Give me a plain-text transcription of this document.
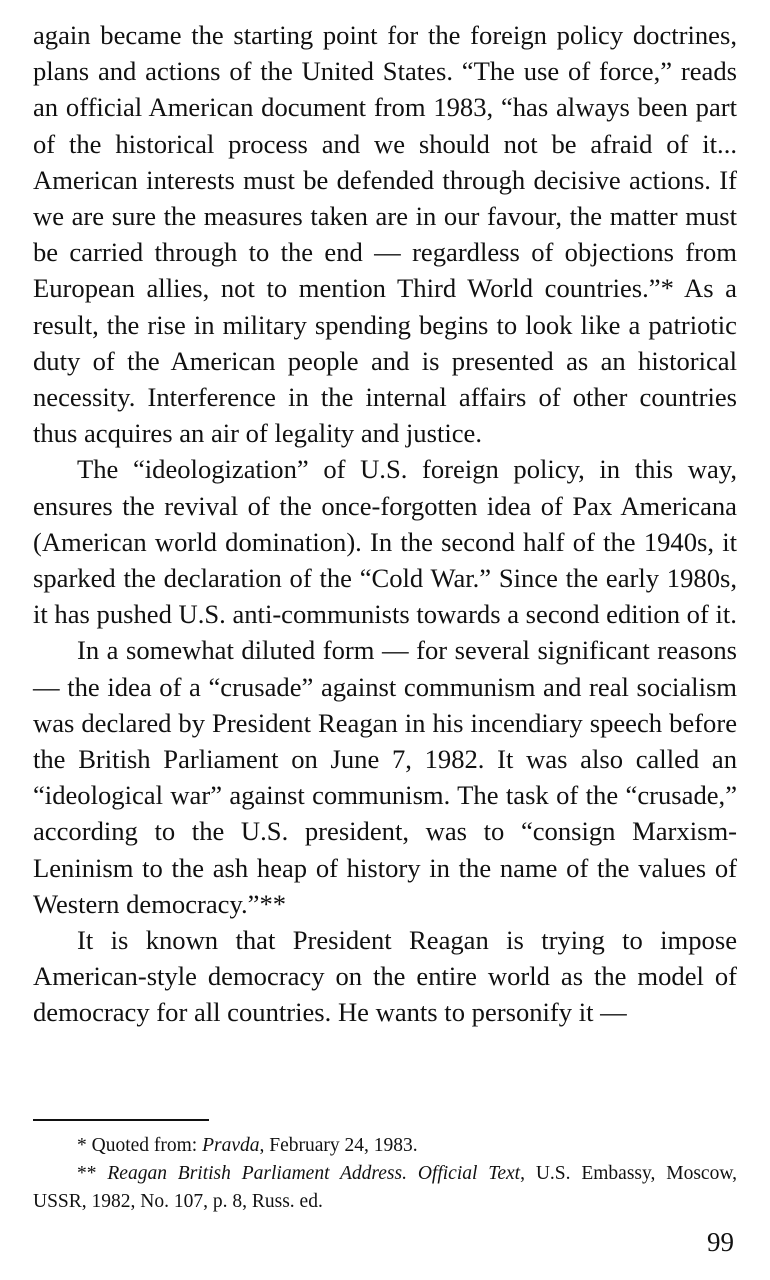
again became the starting point for the foreign policy doctrines, plans and actions of the United States. “The use of force,” reads an official American document from 1983, “has always been part of the historical process and we should not be afraid of it... American interests must be defended through decisive actions. If we are sure the measures taken are in our favour, the matter must be carried through to the end — regardless of objections from European allies, not to mention Third World countries.”* As a result, the rise in military spending begins to look like a patriotic duty of the American people and is presented as an historical necessity. Interference in the internal affairs of other countries thus acquires an air of legality and justice.

The “ideologization” of U.S. foreign policy, in this way, ensures the revival of the once-forgotten idea of Pax Americana (American world domination). In the second half of the 1940s, it sparked the declaration of the “Cold War.” Since the early 1980s, it has pushed U.S. anti-communists towards a second edition of it.

In a somewhat diluted form — for several significant reasons — the idea of a “crusade” against communism and real socialism was declared by President Reagan in his incendiary speech before the British Parliament on June 7, 1982. It was also called an “ideological war” against communism. The task of the “crusade,” according to the U.S. president, was to “consign Marxism-Leninism to the ash heap of history in the name of the values of Western democracy.”**

It is known that President Reagan is trying to impose American-style democracy on the entire world as the model of democracy for all countries. He wants to personify it —

* Quoted from: Pravda, February 24, 1983.

** Reagan British Parliament Address. Official Text, U.S. Embassy, Moscow, USSR, 1982, No. 107, p. 8, Russ. ed.

99
